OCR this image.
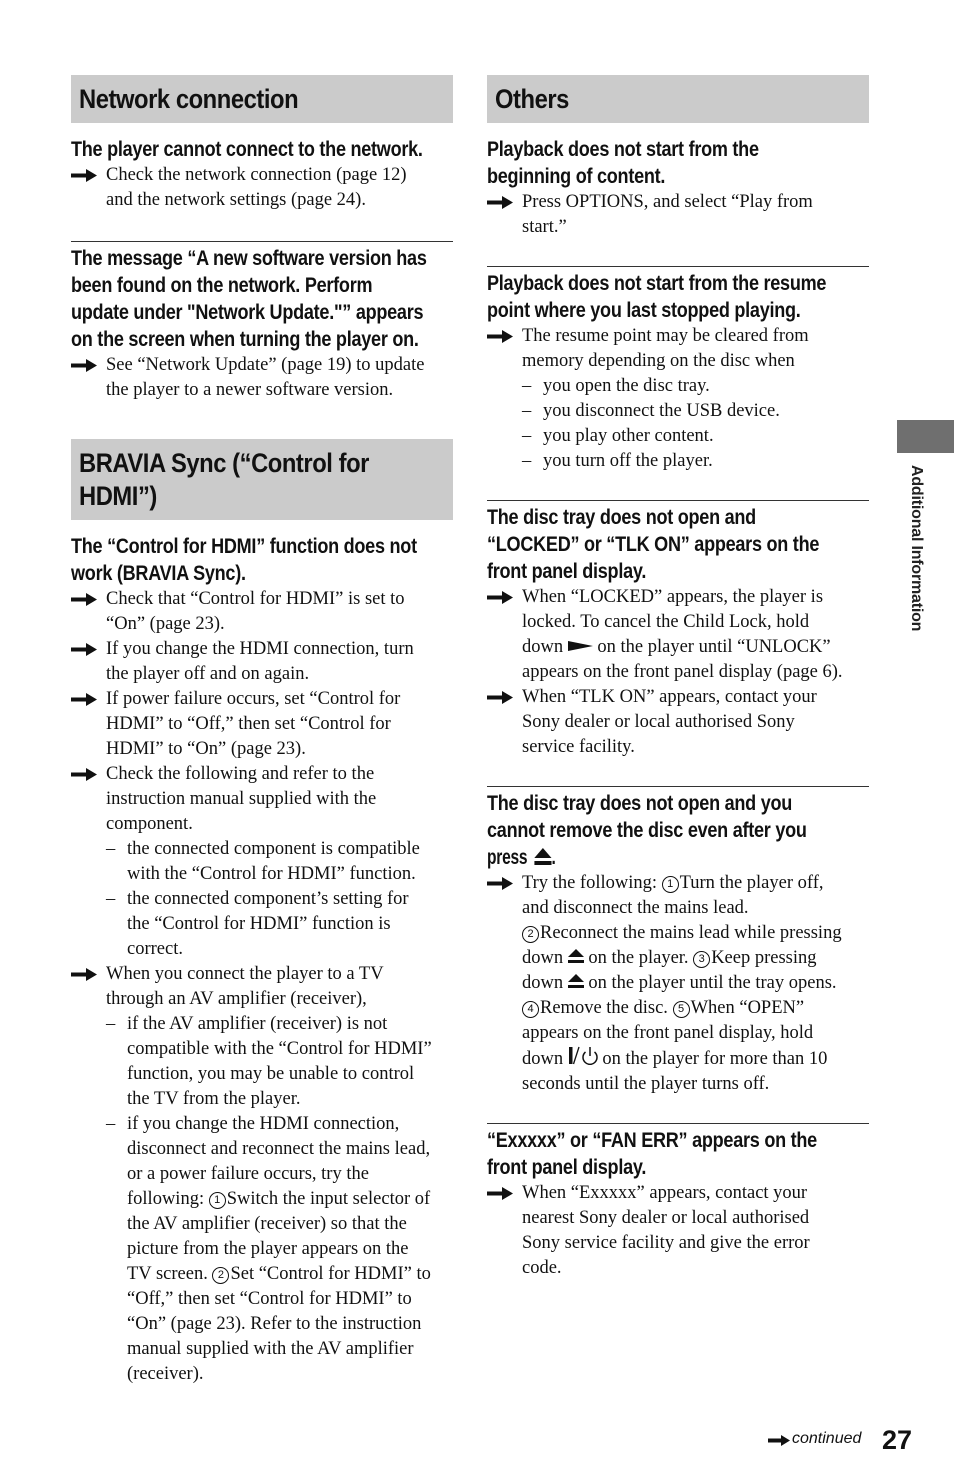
Network connection
The player cannot connect to the network.
Check the network connection (page 12)
and the network settings (page 24).
The message “A new software version has
been found on the network. Perform
update under "Network Update."” appears
on the screen when turning the player on.
See “Network Update” (page 19) to update
the player to a newer software version.
BRAVIA Sync (“Control for
HDMI”)
The “Control for HDMI” function does not
work (BRAVIA Sync).
Check that “Control for HDMI” is set to
“On” (page 23).
If you change the HDMI connection, turn
the player off and on again.
If power failure occurs, set “Control for
HDMI” to “Off,” then set “Control for
HDMI” to “On” (page 23).
Check the following and refer to the
instruction manual supplied with the
component.
– the connected component is compatible
with the “Control for HDMI” function.
– the connected component’s setting for
the “Control for HDMI” function is
correct.
When you connect the player to a TV
through an AV amplifier (receiver),
– if the AV amplifier (receiver) is not
compatible with the “Control for HDMI”
function, you may be unable to control
the TV from the player.
– if you change the HDMI connection,
disconnect and reconnect the mains lead,
or a power failure occurs, try the
following: 1 Switch the input selector of
the AV amplifier (receiver) so that the
picture from the player appears on the
TV screen. 2 Set “Control for HDMI” to
“Off,” then set “Control for HDMI” to
“On” (page 23). Refer to the instruction
manual supplied with the AV amplifier
(receiver).
Others
Playback does not start from the
beginning of content.
Press OPTIONS, and select “Play from
start.”
Playback does not start from the resume
point where you last stopped playing.
The resume point may be cleared from
memory depending on the disc when
– you open the disc tray.
– you disconnect the USB device.
– you play other content.
– you turn off the player.
The disc tray does not open and
“LOCKED” or “TLK ON” appears on the
front panel display.
When “LOCKED” appears, the player is
locked. To cancel the Child Lock, hold
down  on the player until “UNLOCK”
appears on the front panel display (page 6).
When “TLK ON” appears, contact your
Sony dealer or local authorised Sony
service facility.
The disc tray does not open and you
cannot remove the disc even after you
press.
Try the following: 1 Turn the player off,
and disconnect the mains lead.
2 Reconnect the mains lead while pressing
down  on the player. 3 Keep pressing
down  on the player until the tray opens.
4 Remove the disc. 5 When “OPEN”
appears on the front panel display, hold
down  on the player for more than 10
seconds until the player turns off.
“Exxxxx” or “FAN ERR” appears on the
front panel display.
When “Exxxxx” appears, contact your
nearest Sony dealer or local authorised
Sony service facility and give the error
code.
Additional Information
continued 27
